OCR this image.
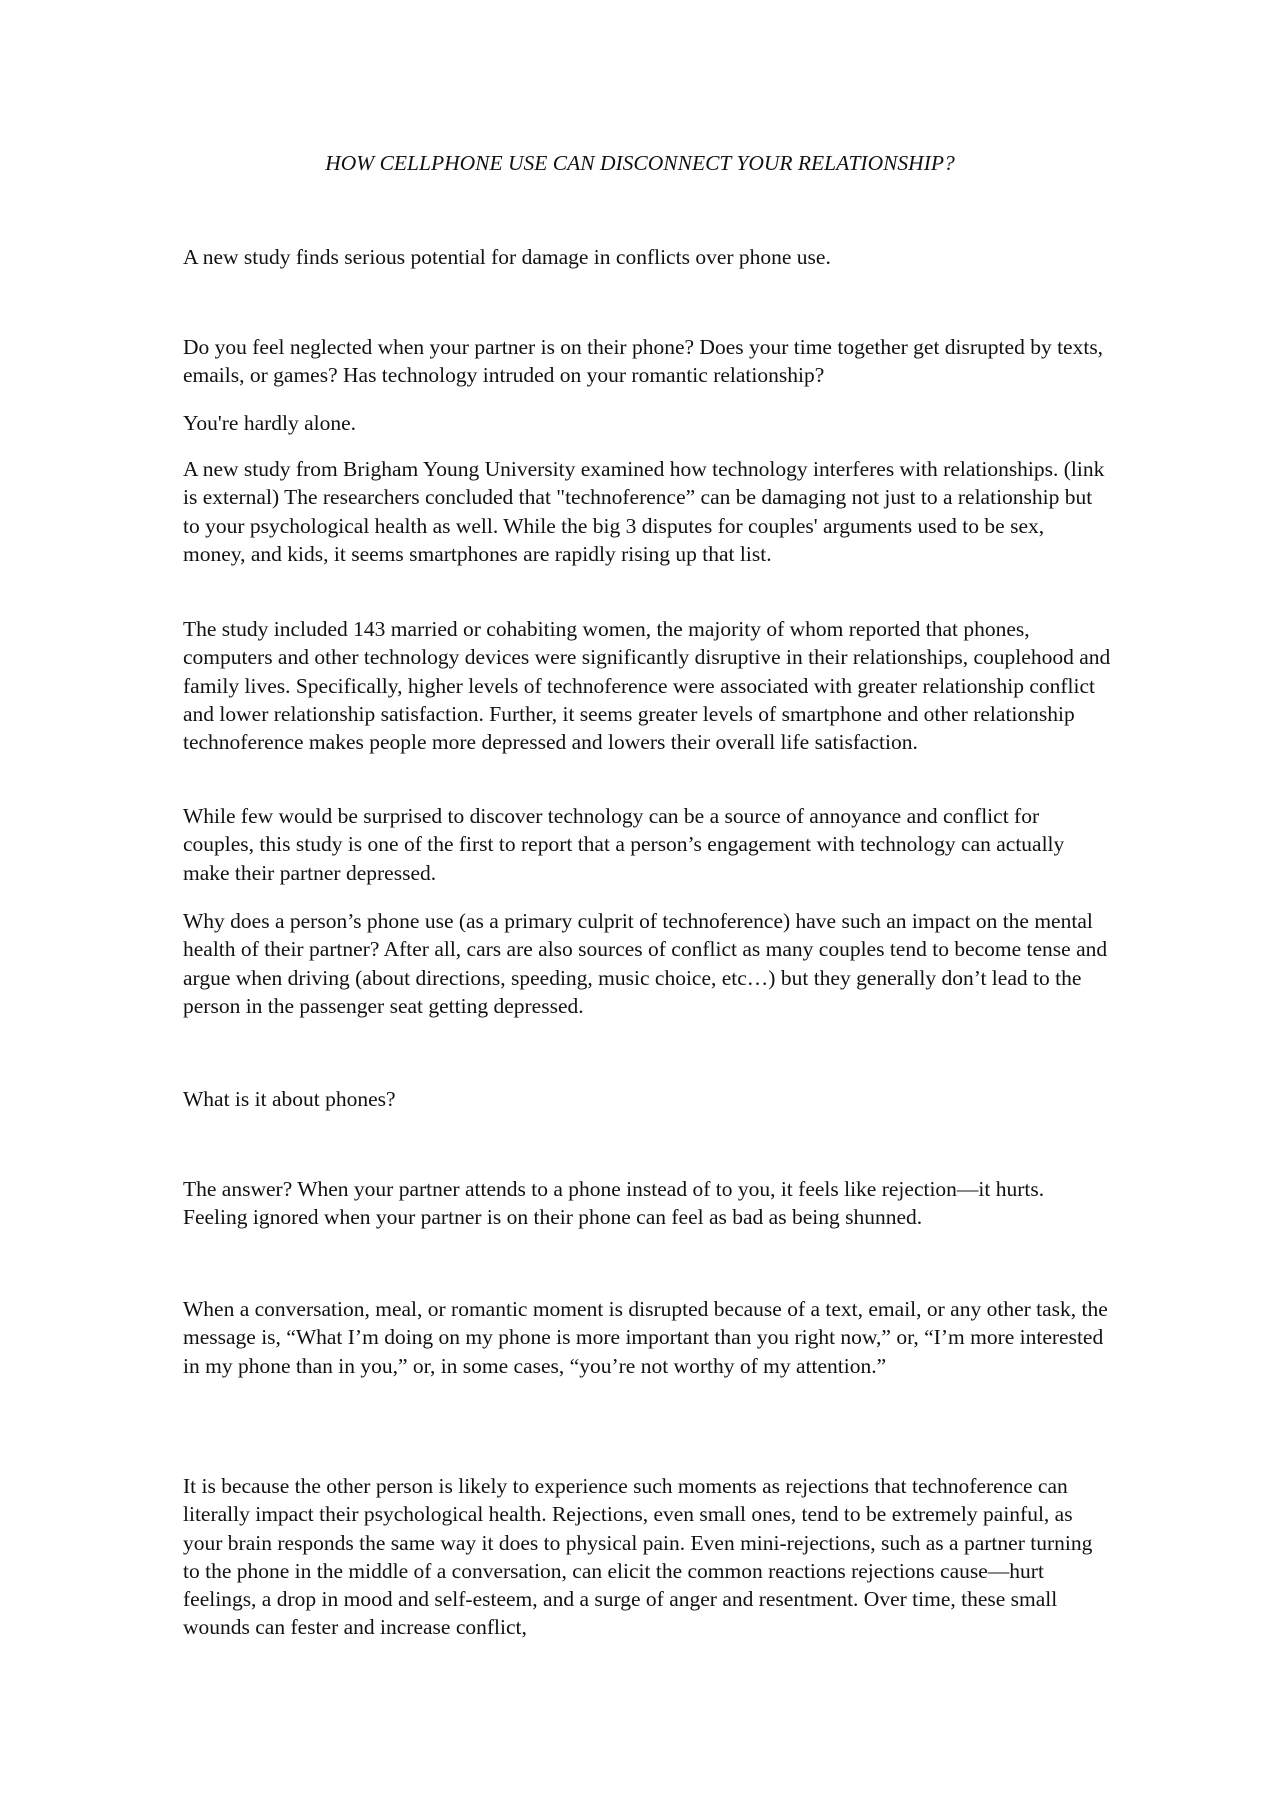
HOW CELLPHONE USE CAN DISCONNECT YOUR RELATIONSHIP?

A new study finds serious potential for damage in conflicts over phone use.

Do you feel neglected when your partner is on their phone? Does your time together get disrupted by texts, emails, or games? Has technology intruded on your romantic relationship?

You're hardly alone.

A new study from Brigham Young University examined how technology interferes with relationships. (link is external) The researchers concluded that "technoference” can be damaging not just to a relationship but to your psychological health as well. While the big 3 disputes for couples' arguments used to be sex, money, and kids, it seems smartphones are rapidly rising up that list.

The study included 143 married or cohabiting women, the majority of whom reported that phones, computers and other technology devices were significantly disruptive in their relationships, couplehood and family lives. Specifically, higher levels of technoference were associated with greater relationship conflict and lower relationship satisfaction. Further, it seems greater levels of smartphone and other relationship technoference makes people more depressed and lowers their overall life satisfaction.

While few would be surprised to discover technology can be a source of annoyance and conflict for couples, this study is one of the first to report that a person’s engagement with technology can actually make their partner depressed.

Why does a person’s phone use (as a primary culprit of technoference) have such an impact on the mental health of their partner? After all, cars are also sources of conflict as many couples tend to become tense and argue when driving (about directions, speeding, music choice, etc…) but they generally don’t lead to the person in the passenger seat getting depressed.

What is it about phones?

The answer? When your partner attends to a phone instead of to you, it feels like rejection—it hurts. Feeling ignored when your partner is on their phone can feel as bad as being shunned.

When a conversation, meal, or romantic moment is disrupted because of a text, email, or any other task, the message is, “What I’m doing on my phone is more important than you right now,” or, “I’m more interested in my phone than in you,” or, in some cases, “you’re not worthy of my attention.”

It is because the other person is likely to experience such moments as rejections that technoference can literally impact their psychological health. Rejections, even small ones, tend to be extremely painful, as your brain responds the same way it does to physical pain. Even mini-rejections, such as a partner turning to the phone in the middle of a conversation, can elicit the common reactions rejections cause—hurt feelings, a drop in mood and self-esteem, and a surge of anger and resentment. Over time, these small wounds can fester and increase conflict,
